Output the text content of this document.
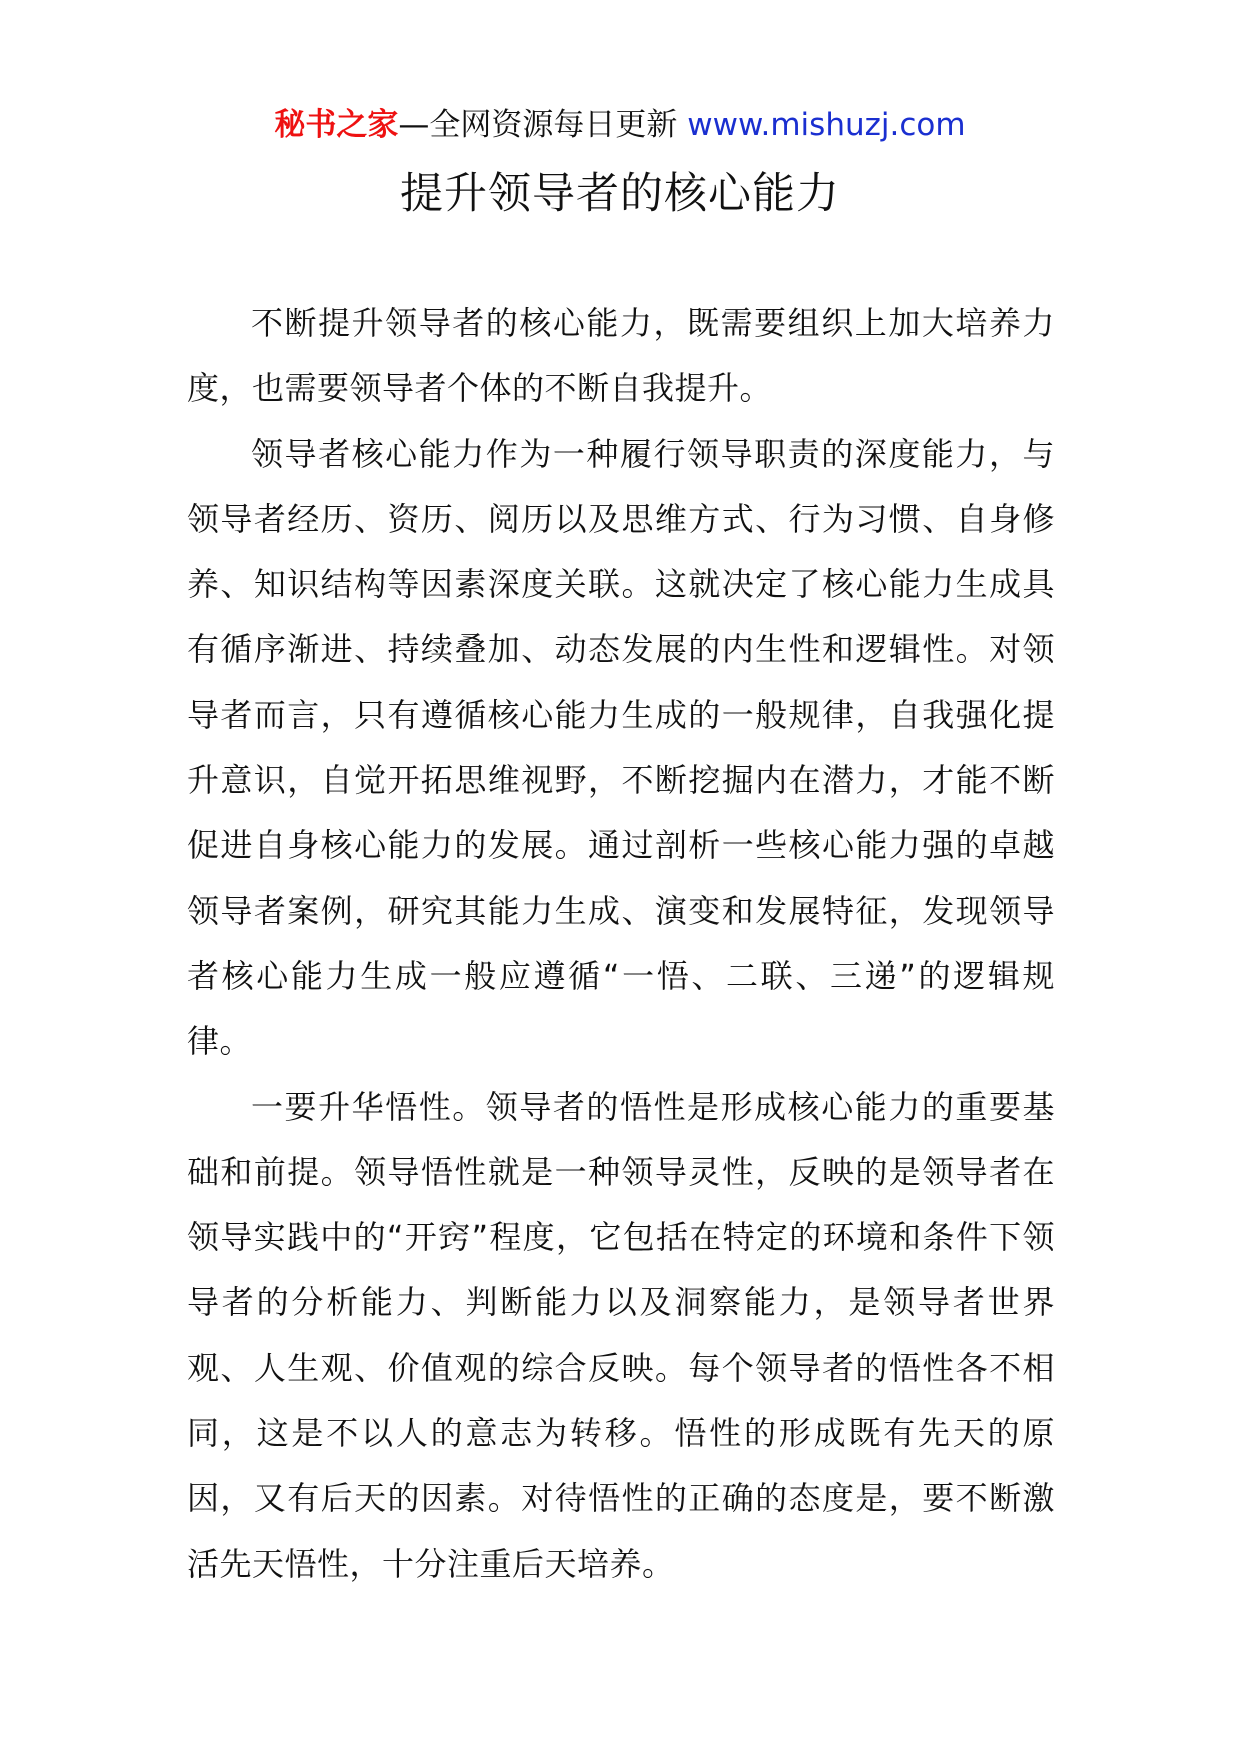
秘书之家—全网资源每日更新 www.mishuzj.com
提升领导者的核心能力

不断提升领导者的核心能力，既需要组织上加大培养力度，也需要领导者个体的不断自我提升。

领导者核心能力作为一种履行领导职责的深度能力，与领导者经历、资历、阅历以及思维方式、行为习惯、自身修养、知识结构等因素深度关联。这就决定了核心能力生成具有循序渐进、持续叠加、动态发展的内生性和逻辑性。对领导者而言，只有遵循核心能力生成的一般规律，自我强化提升意识，自觉开拓思维视野，不断挖掘内在潜力，才能不断促进自身核心能力的发展。通过剖析一些核心能力强的卓越领导者案例，研究其能力生成、演变和发展特征，发现领导者核心能力生成一般应遵循“一悟、二联、三递”的逻辑规律。

一要升华悟性。领导者的悟性是形成核心能力的重要基础和前提。领导悟性就是一种领导灵性，反映的是领导者在领导实践中的“开窍”程度，它包括在特定的环境和条件下领导者的分析能力、判断能力以及洞察能力，是领导者世界观、人生观、价值观的综合反映。每个领导者的悟性各不相同，这是不以人的意志为转移。悟性的形成既有先天的原因，又有后天的因素。对待悟性的正确的态度是，要不断激活先天悟性，十分注重后天培养。
